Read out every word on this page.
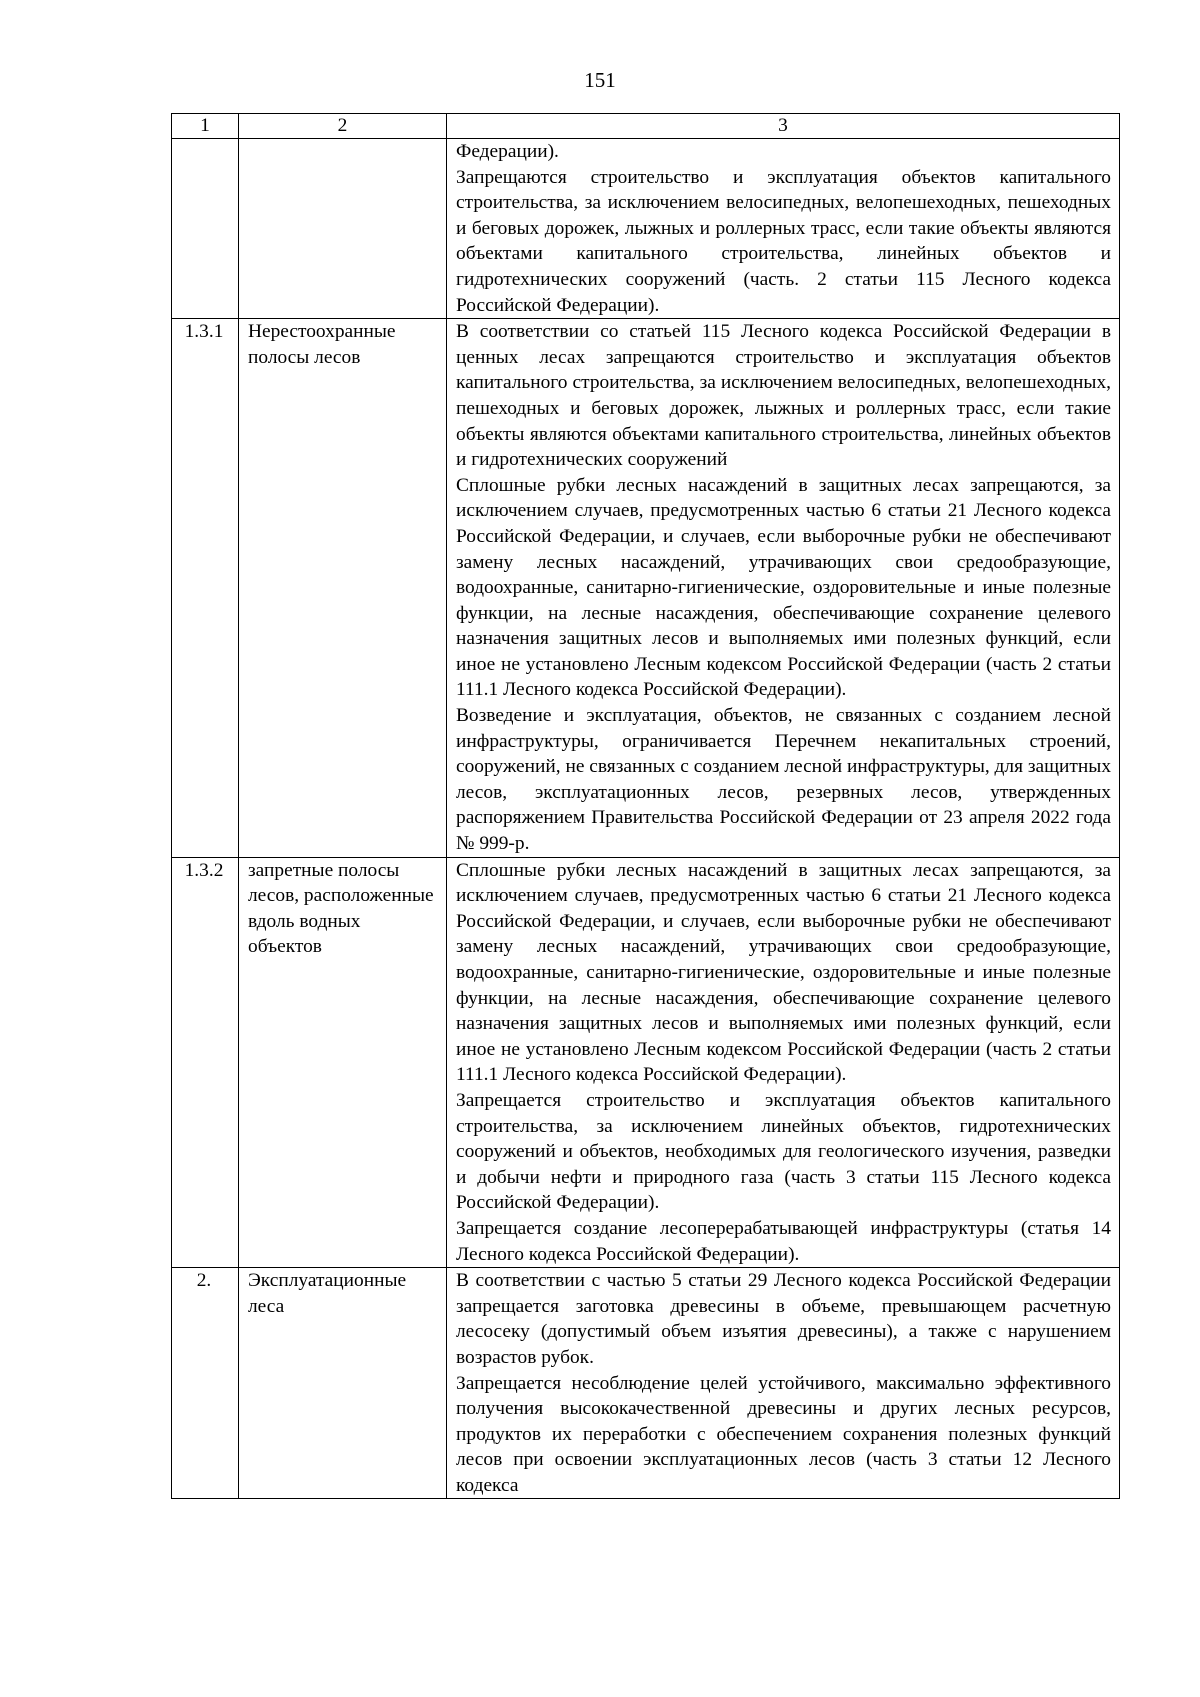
151
1	2	3

		Федерации).

Запрещаются строительство и эксплуатация объектов капитального строительства, за исключением велосипедных, велопешеходных, пешеходных и беговых дорожек, лыжных и роллерных трасс, если такие объекты являются объектами капитального строительства, линейных объектов и гидротехнических сооружений (часть. 2 статьи 115 Лесного кодекса Российской Федерации).

1.3.1	Нерестоохранные полосы лесов	В соответствии со статьей 115 Лесного кодекса Российской Федерации в ценных лесах запрещаются строительство и эксплуатация объектов капитального строительства, за исключением велосипедных, велопешеходных, пешеходных и беговых дорожек, лыжных и роллерных трасс, если такие объекты являются объектами капитального строительства, линейных объектов и гидротехнических сооружений

Сплошные рубки лесных насаждений в защитных лесах запрещаются, за исключением случаев, предусмотренных частью 6 статьи 21 Лесного кодекса Российской Федерации, и случаев, если выборочные рубки не обеспечивают замену лесных насаждений, утрачивающих свои средообразующие, водоохранные, санитарно-гигиенические, оздоровительные и иные полезные функции, на лесные насаждения, обеспечивающие сохранение целевого назначения защитных лесов и выполняемых ими полезных функций, если иное не установлено Лесным кодексом Российской Федерации (часть 2 статьи 111.1 Лесного кодекса Российской Федерации).

Возведение и эксплуатация, объектов, не связанных с созданием лесной инфраструктуры, ограничивается Перечнем некапитальных строений, сооружений, не связанных с созданием лесной инфраструктуры, для защитных лесов, эксплуатационных лесов, резервных лесов, утвержденных распоряжением Правительства Российской Федерации от 23 апреля 2022 года № 999-р.

1.3.2	запретные полосы лесов, расположенные вдоль водных объектов	Сплошные рубки лесных насаждений в защитных лесах запрещаются, за исключением случаев, предусмотренных частью 6 статьи 21 Лесного кодекса Российской Федерации, и случаев, если выборочные рубки не обеспечивают замену лесных насаждений, утрачивающих свои средообразующие, водоохранные, санитарно-гигиенические, оздоровительные и иные полезные функции, на лесные насаждения, обеспечивающие сохранение целевого назначения защитных лесов и выполняемых ими полезных функций, если иное не установлено Лесным кодексом Российской Федерации (часть 2 статьи 111.1 Лесного кодекса Российской Федерации).

Запрещается строительство и эксплуатация объектов капитального строительства, за исключением линейных объектов, гидротехнических сооружений и объектов, необходимых для геологического изучения, разведки и добычи нефти и природного газа (часть 3 статьи 115 Лесного кодекса Российской Федерации).

Запрещается создание лесоперерабатывающей инфраструктуры (статья 14 Лесного кодекса Российской Федерации).

2.	Эксплуатационные леса	В соответствии с частью 5 статьи 29 Лесного кодекса Российской Федерации запрещается заготовка древесины в объеме, превышающем расчетную лесосеку (допустимый объем изъятия древесины), а также с нарушением возрастов рубок.

Запрещается несоблюдение целей устойчивого, максимально эффективного получения высококачественной древесины и других лесных ресурсов, продуктов их переработки с обеспечением сохранения полезных функций лесов при освоении эксплуатационных лесов (часть 3 статьи 12 Лесного кодекса
